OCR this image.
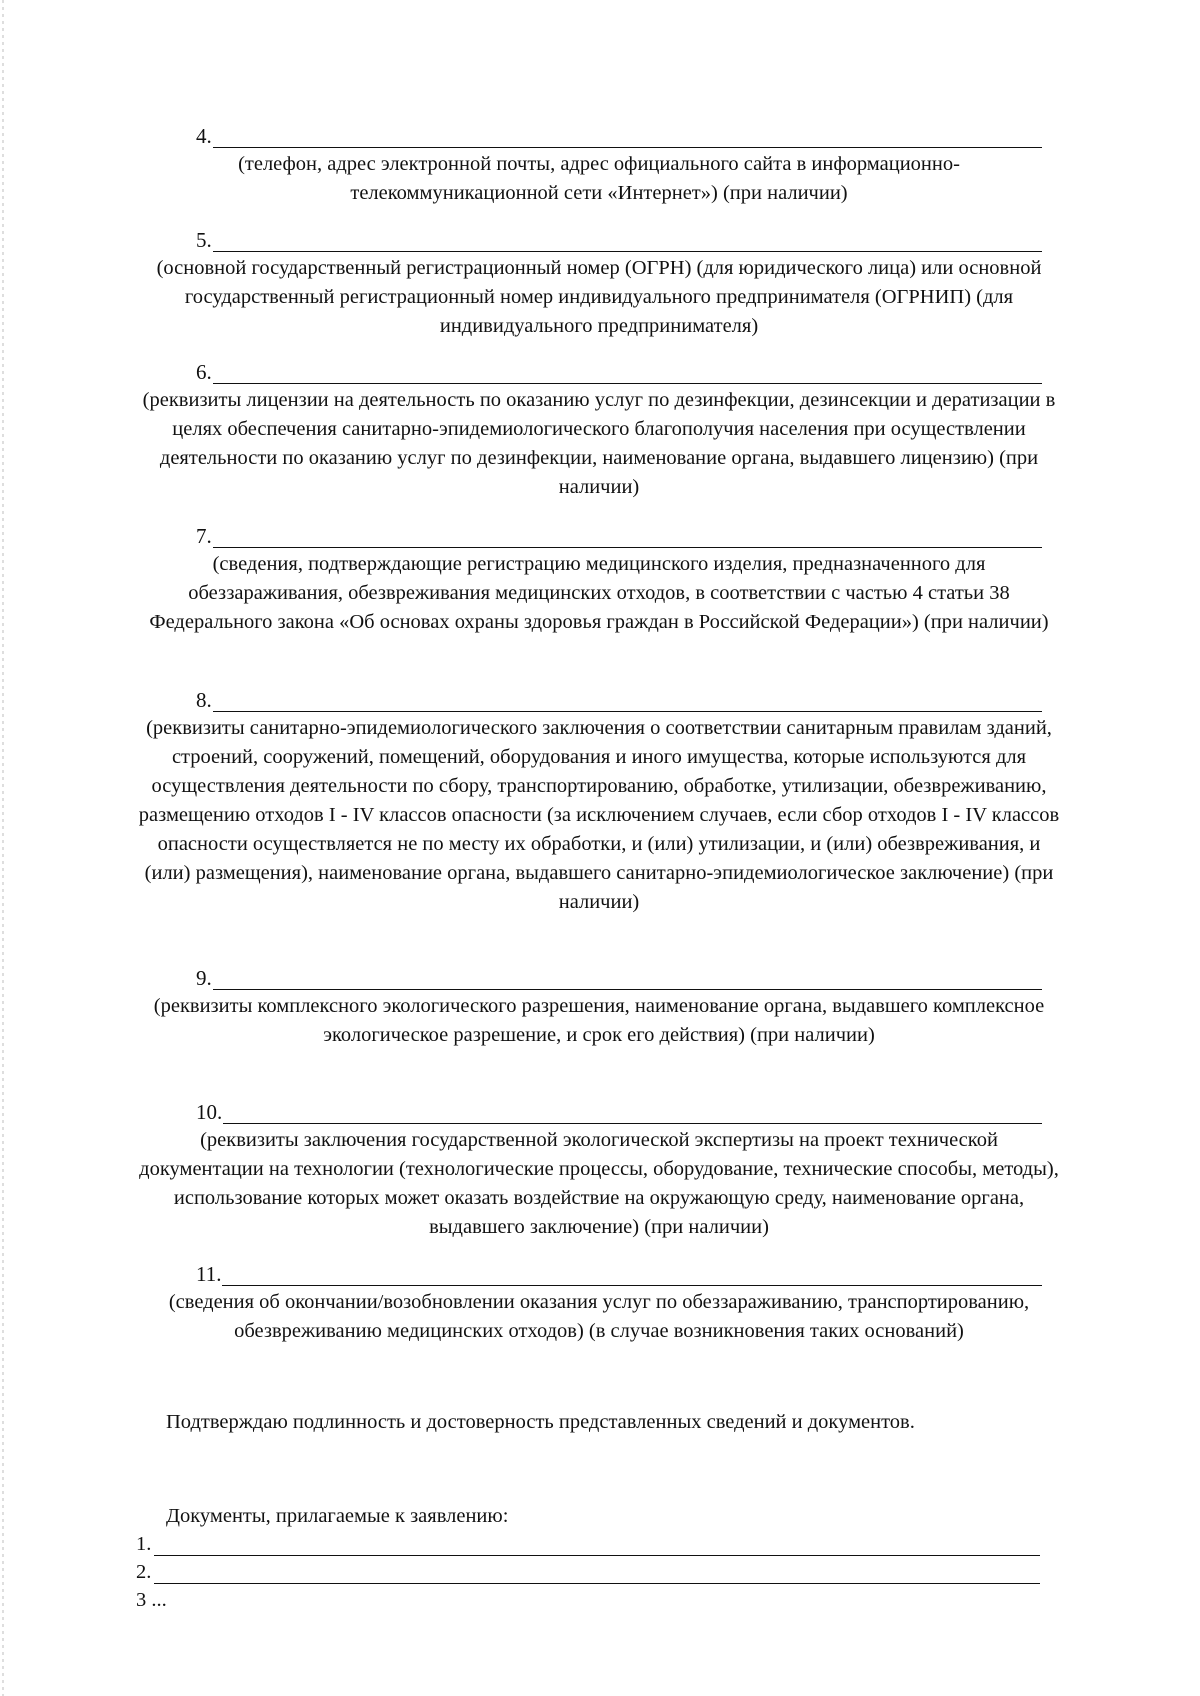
4.
(телефон, адрес электронной почты, адрес официального сайта в информационно-телекоммуникационной сети «Интернет») (при наличии)
5.
(основной государственный регистрационный номер (ОГРН) (для юридического лица) или основной государственный регистрационный номер индивидуального предпринимателя (ОГРНИП) (для индивидуального предпринимателя)
6.
(реквизиты лицензии на деятельность по оказанию услуг по дезинфекции, дезинсекции и дератизации в целях обеспечения санитарно-эпидемиологического благополучия населения при осуществлении деятельности по оказанию услуг по дезинфекции, наименование органа, выдавшего лицензию) (при наличии)
7.
(сведения, подтверждающие регистрацию медицинского изделия, предназначенного для обеззараживания, обезвреживания медицинских отходов, в соответствии с частью 4 статьи 38 Федерального закона «Об основах охраны здоровья граждан в Российской Федерации») (при наличии)
8.
(реквизиты санитарно-эпидемиологического заключения о соответствии санитарным правилам зданий, строений, сооружений, помещений, оборудования и иного имущества, которые используются для осуществления деятельности по сбору, транспортированию, обработке, утилизации, обезвреживанию, размещению отходов I - IV классов опасности (за исключением случаев, если сбор отходов I - IV классов опасности осуществляется не по месту их обработки, и (или) утилизации, и (или) обезвреживания, и (или) размещения), наименование органа, выдавшего санитарно-эпидемиологическое заключение) (при наличии)
9.
(реквизиты комплексного экологического разрешения, наименование органа, выдавшего комплексное экологическое разрешение, и срок его действия) (при наличии)
10.
(реквизиты заключения государственной экологической экспертизы на проект технической документации на технологии (технологические процессы, оборудование, технические способы, методы), использование которых может оказать воздействие на окружающую среду, наименование органа, выдавшего заключение) (при наличии)
11.
(сведения об окончании/возобновлении оказания услуг по обеззараживанию, транспортированию, обезвреживанию медицинских отходов) (в случае возникновения таких оснований)
Подтверждаю подлинность и достоверность представленных сведений и документов.
Документы, прилагаемые к заявлению:
1.
2.
3 ...
